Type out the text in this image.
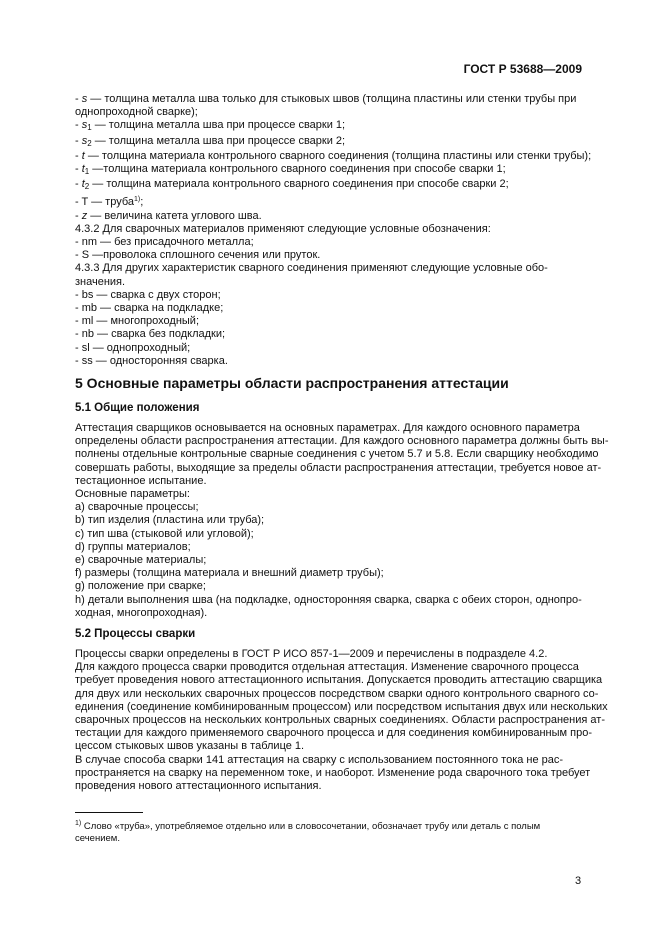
ГОСТ Р 53688—2009
- s — толщина металла шва только для стыковых швов (толщина пластины или стенки трубы при
однопроходной сварке);
- s1 — толщина металла шва при процессе сварки 1;
- s2 — толщина металла шва при процессе сварки 2;
- t — толщина материала контрольного сварного соединения (толщина пластины или стенки трубы);
- t1 —толщина материала контрольного сварного соединения при способе сварки 1;
- t2 — толщина материала контрольного сварного соединения при способе сварки 2;
- T — труба$^{1)}$;
- z — величина катета углового шва.
4.3.2 Для сварочных материалов применяют следующие условные обозначения:
- nm — без присадочного металла;
- S —проволока сплошного сечения или пруток.
4.3.3 Для других характеристик сварного соединения применяют следующие условные обо-
значения.
- bs — сварка с двух сторон;
- mb — сварка на подкладке;
- ml — многопроходный;
- nb — сварка без подкладки;
- sl — однопроходный;
- ss — односторонняя сварка.
5 Основные параметры области распространения аттестации
5.1 Общие положения
Аттестация сварщиков основывается на основных параметрах. Для каждого основного параметра
определены области распространения аттестации. Для каждого основного параметра должны быть вы-
полнены отдельные контрольные сварные соединения с учетом 5.7 и 5.8. Если сварщику необходимо
совершать работы, выходящие за пределы области распространения аттестации, требуется новое ат-
тестационное испытание.
Основные параметры:
a) сварочные процессы;
b) тип изделия (пластина или труба);
c) тип шва (стыковой или угловой);
d) группы материалов;
e) сварочные материалы;
f) размеры (толщина материала и внешний диаметр трубы);
g) положение при сварке;
h) детали выполнения шва (на подкладке, односторонняя сварка, сварка с обеих сторон, однопро-
ходная, многопроходная).
5.2 Процессы сварки
Процессы сварки определены в ГОСТ Р ИСО 857-1—2009 и перечислены в подразделе 4.2.
Для каждого процесса сварки проводится отдельная аттестация. Изменение сварочного процесса
требует проведения нового аттестационного испытания. Допускается проводить аттестацию сварщика
для двух или нескольких сварочных процессов посредством сварки одного контрольного сварного со-
единения (соединение комбинированным процессом) или посредством испытания двух или нескольких
сварочных процессов на нескольких контрольных сварных соединениях. Области распространения ат-
тестации для каждого применяемого сварочного процесса и для соединения комбинированным про-
цессом стыковых швов указаны в таблице 1.
В случае способа сварки 141 аттестация на сварку с использованием постоянного тока не рас-
пространяется на сварку на переменном токе, и наоборот. Изменение рода сварочного тока требует
проведения нового аттестационного испытания.
$^{1)}$ Слово «труба», употребляемое отдельно или в словосочетании, обозначает трубу или деталь с полым
сечением.
3
